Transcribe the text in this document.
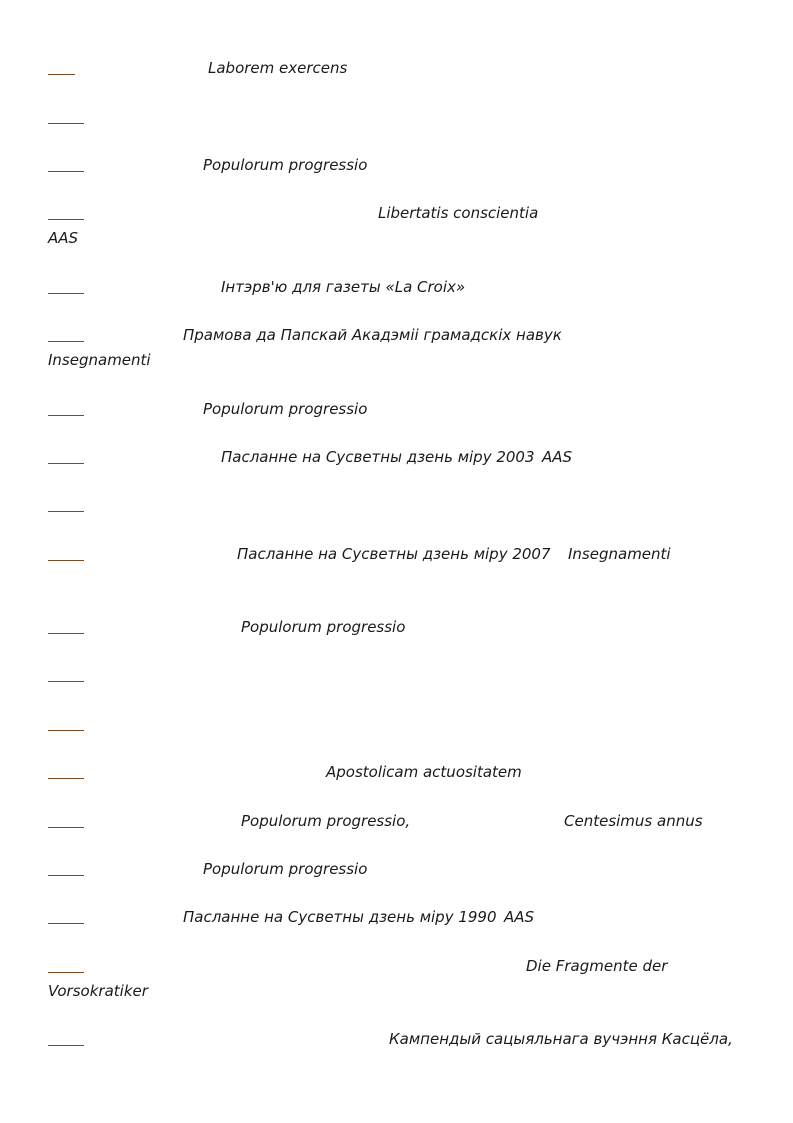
Laborem exercens
Populorum progressio
Libertatis conscientia
AAS
Інтэрв'ю для газеты «La Croix»
Прамова да Папскай Акадэміі грамадскіх навук
Insegnamenti
Populorum progressio
Пасланне на Сусветны дзень міру 2003 AAS
Пасланне на Сусветны дзень міру 2007 Insegnamenti
Populorum progressio
Apostolicam actuositatem
Populorum progressio,	Centesimus annus
Populorum progressio
Пасланне на Сусветны дзень міру 1990 AAS
Die Fragmente der
Vorsokratiker
Кампендый сацыяльнага вучэння Касцёла,
